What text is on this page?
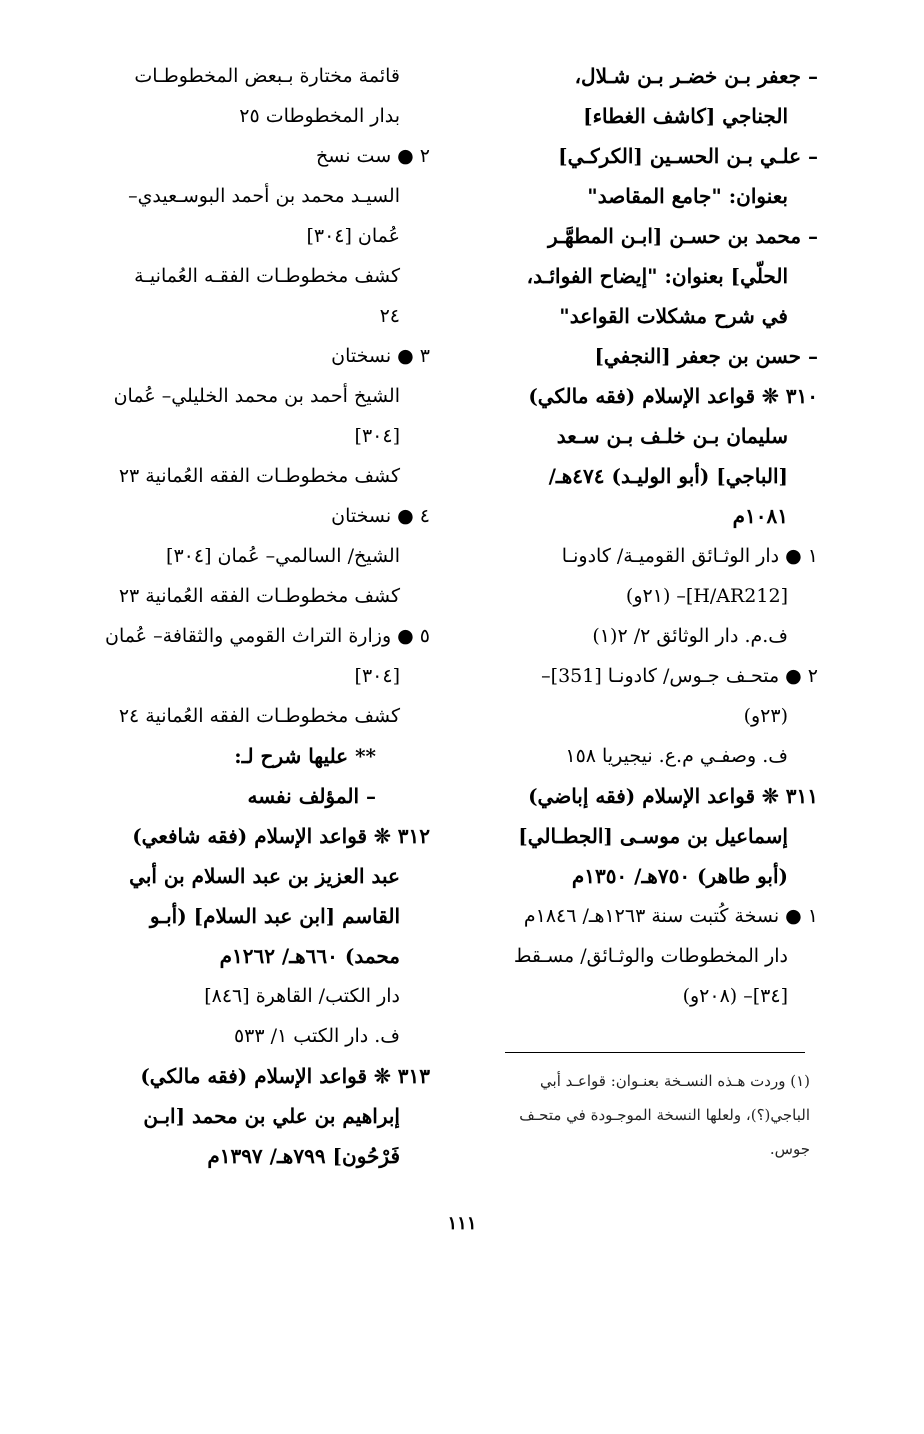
– جعفر بـن خضـر بـن شـلال،
الجناجي [كاشف الغطاء]
– علـي بـن الحسـين [الكركـي]
بعنوان: "جامع المقاصد"
– محمد بن حسـن [ابـن المطهَّـر
الحلّي] بعنوان: "إيضاح الفوائـد،
في شرح مشكلات القواعد"
– حسن بن جعفر [النجفي]
٣١٠ ❊ قواعد الإسلام (فقه مالكي)
سليمان بـن خلـف بـن سـعد
[الباجي] (أبو الوليـد) ٤٧٤هـ/
١٠٨١م
١ ● دار الوثـائق القوميـة/ كادونـا
[H/AR212]– (٢١و)
ف.م. دار الوثائق ٢/ ٢(١)
٢ ● متحـف جـوس/ كادونـا [351]–
(٢٣و)
ف. وصفـي م.ع. نيجيريا ١٥٨
٣١١ ❊ قواعد الإسلام (فقه إباضي)
إسماعيل بن موسـى [الجطـالي]
(أبو طاهر) ٧٥٠هـ/ ١٣٥٠م
١ ● نسخة كُتبت سنة ١٢٦٣هـ/ ١٨٤٦م
دار المخطوطات والوثـائق/ مسـقط
[٣٤]– (٢٠٨و)
(١) وردت هـذه النسـخة بعنـوان: قواعـد أبي
الباجي(؟)، ولعلها النسخة الموجـودة في متحـف
جوس.
قائمة مختارة بـبعض المخطوطـات
بدار المخطوطات ٢٥
٢ ● ست نسخ
السيـد محمد بن أحمد البوسـعيدي–
عُمان [٣٠٤]
كشف مخطوطـات الفقـه العُمانيـة
٢٤
٣ ● نسختان
الشيخ أحمد بن محمد الخليلي– عُمان
[٣٠٤]
كشف مخطوطـات الفقه العُمانية ٢٣
٤ ● نسختان
الشيخ/ السالمي– عُمان [٣٠٤]
كشف مخطوطـات الفقه العُمانية ٢٣
٥ ● وزارة التراث القومي والثقافة– عُمان
[٣٠٤]
كشف مخطوطـات الفقه العُمانية ٢٤
** عليها شرح لـ:
– المؤلف نفسه
٣١٢ ❊ قواعد الإسلام (فقه شافعي)
عبد العزيز بن عبد السلام بن أبي
القاسم [ابن عبد السلام] (أبـو
محمد) ٦٦٠هـ/ ١٢٦٢م
دار الكتب/ القاهرة [٨٤٦]
ف. دار الكتب ١/ ٥٣٣
٣١٣ ❊ قواعد الإسلام (فقه مالكي)
إبراهيم بن علي بن محمد [ابـن
فَرْحُون] ٧٩٩هـ/ ١٣٩٧م
١١١
